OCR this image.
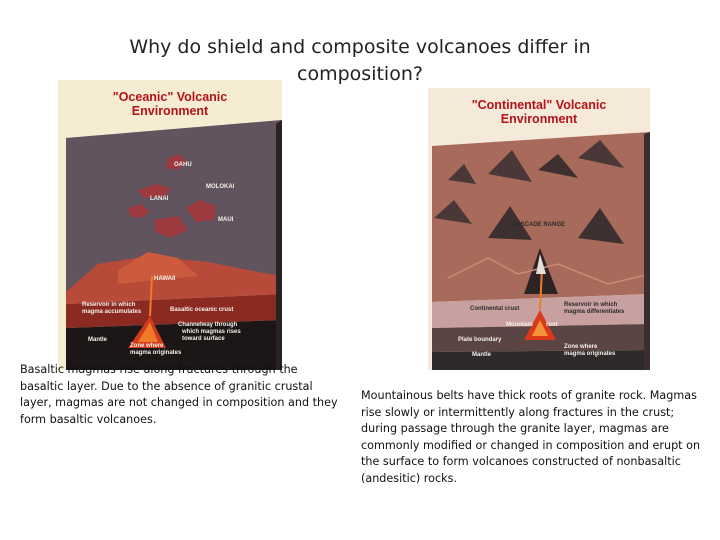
Why do shield and composite volcanoes differ in composition?
"Oceanic" Volcanic
Environment
OAHU
MOLOKAI
LANAI
MAUI
HAWAII
Reservoir in which
magma accumulates	Basaltic oceanic crust
Channelway through
which magmas rises
toward surface
Mantle
Zone where
magma originates
"Continental" Volcanic
Environment
CASCADE RANGE
Continental crust
Reservoir in which
magma differentiates
Mountain root
Plate boundary
Mantle
Zone where
magma originates
Basaltic magmas rise along fractures through the basaltic layer. Due to the absence of granitic crustal layer, magmas are not changed in composition and they form basaltic volcanoes.
Mountainous belts have thick roots of granite rock. Magmas rise slowly or intermittently along fractures in the crust; during passage through the granite layer, magmas are commonly modified or changed in composition and erupt on the surface to form volcanoes constructed of nonbasaltic (andesitic) rocks.
